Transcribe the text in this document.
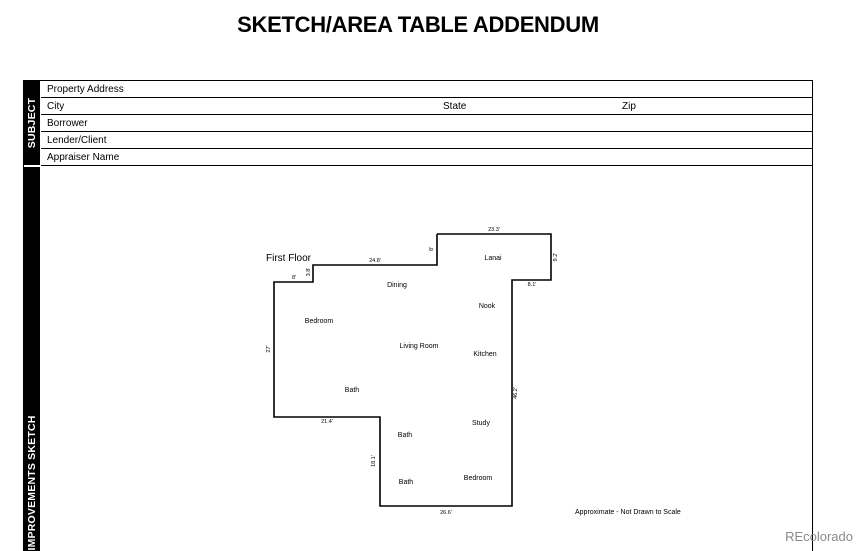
SKETCH/AREA TABLE ADDENDUM
SUBJECT
Property Address
City	State	Zip
Borrower
Lender/Client
Appraiser Name
IMPROVEMENTS SKETCH
First Floor	Lanai
Dining
Nook
Bedroom
Living Room
Kitchen
Bath
Study
Bath
Bedroom
Bath
23.3'
24.8'
8'
9.2'
8.1'
3.8'
8'
27'
21.4'
46.2'
18.1'
26.6'	Approximate - Not Drawn to Scale
REcolorado
